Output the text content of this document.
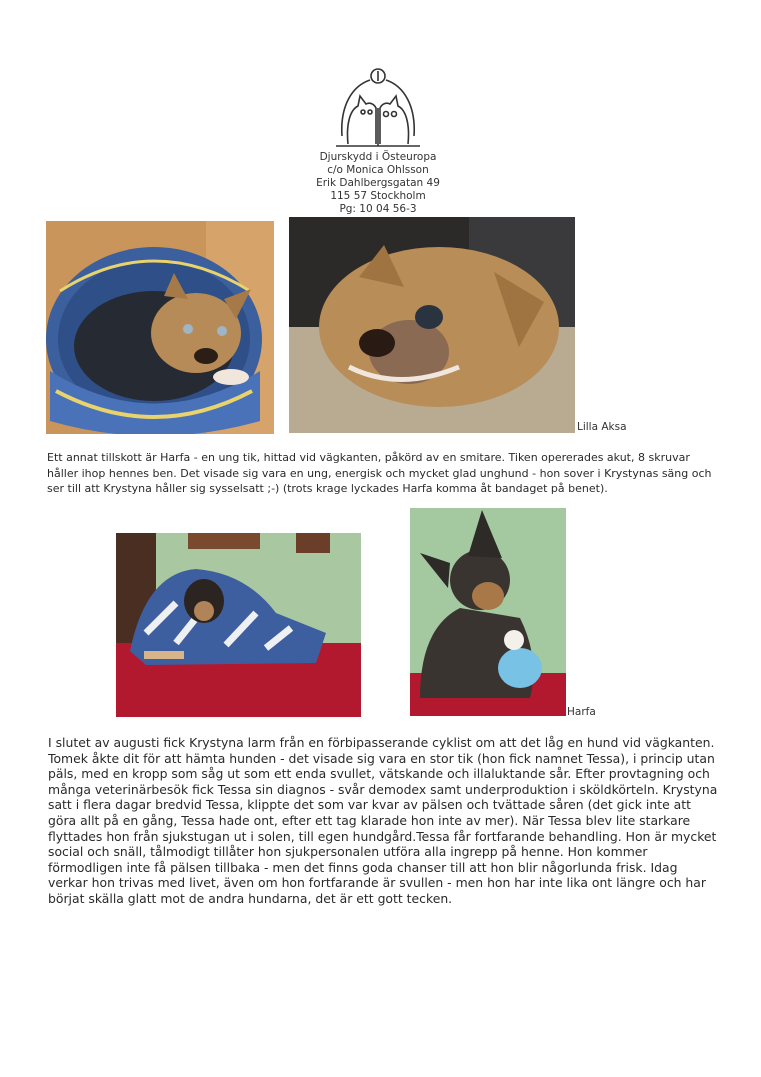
Djurskydd i Östeuropa
c/o Monica Ohlsson
Erik Dahlbergsgatan 49
115 57 Stockholm
Pg: 10 04 56-3
Lilla Aksa

Ett annat tillskott är Harfa - en ung tik, hittad vid vägkanten, påkörd av en smitare. Tiken opererades akut, 8 skruvar håller ihop hennes ben. Det visade sig vara en ung, energisk och mycket glad unghund - hon sover i Krystynas säng och ser till att Krystyna håller sig sysselsatt ;-) (trots krage lyckades Harfa komma åt bandaget på benet).

Harfa

I slutet av augusti fick Krystyna larm från en förbipasserande cyklist om att det låg en hund vid vägkanten. Tomek åkte dit för att hämta hunden - det visade sig vara en stor tik (hon fick namnet Tessa), i princip utan päls, med en kropp som såg ut som ett enda svullet, vätskande och illaluktande sår. Efter provtagning och många veterinärbesök fick Tessa sin diagnos - svår demodex samt underproduktion i sköldkörteln. Krystyna satt i flera dagar bredvid Tessa, klippte det som var kvar av pälsen och tvättade såren (det gick inte att göra allt på en gång, Tessa hade ont, efter ett tag klarade hon inte av mer). När Tessa blev lite starkare flyttades hon från sjukstugan ut i solen, till egen hundgård.Tessa får fortfarande behandling. Hon är mycket social och snäll, tålmodigt tillåter hon sjukpersonalen utföra alla ingrepp på henne. Hon kommer förmodligen inte få pälsen tillbaka - men det finns goda chanser till att hon blir någorlunda frisk. Idag verkar hon trivas med livet, även om hon fortfarande är svullen - men hon har inte lika ont längre och har börjat skälla glatt mot de andra hundarna, det är ett gott tecken.
